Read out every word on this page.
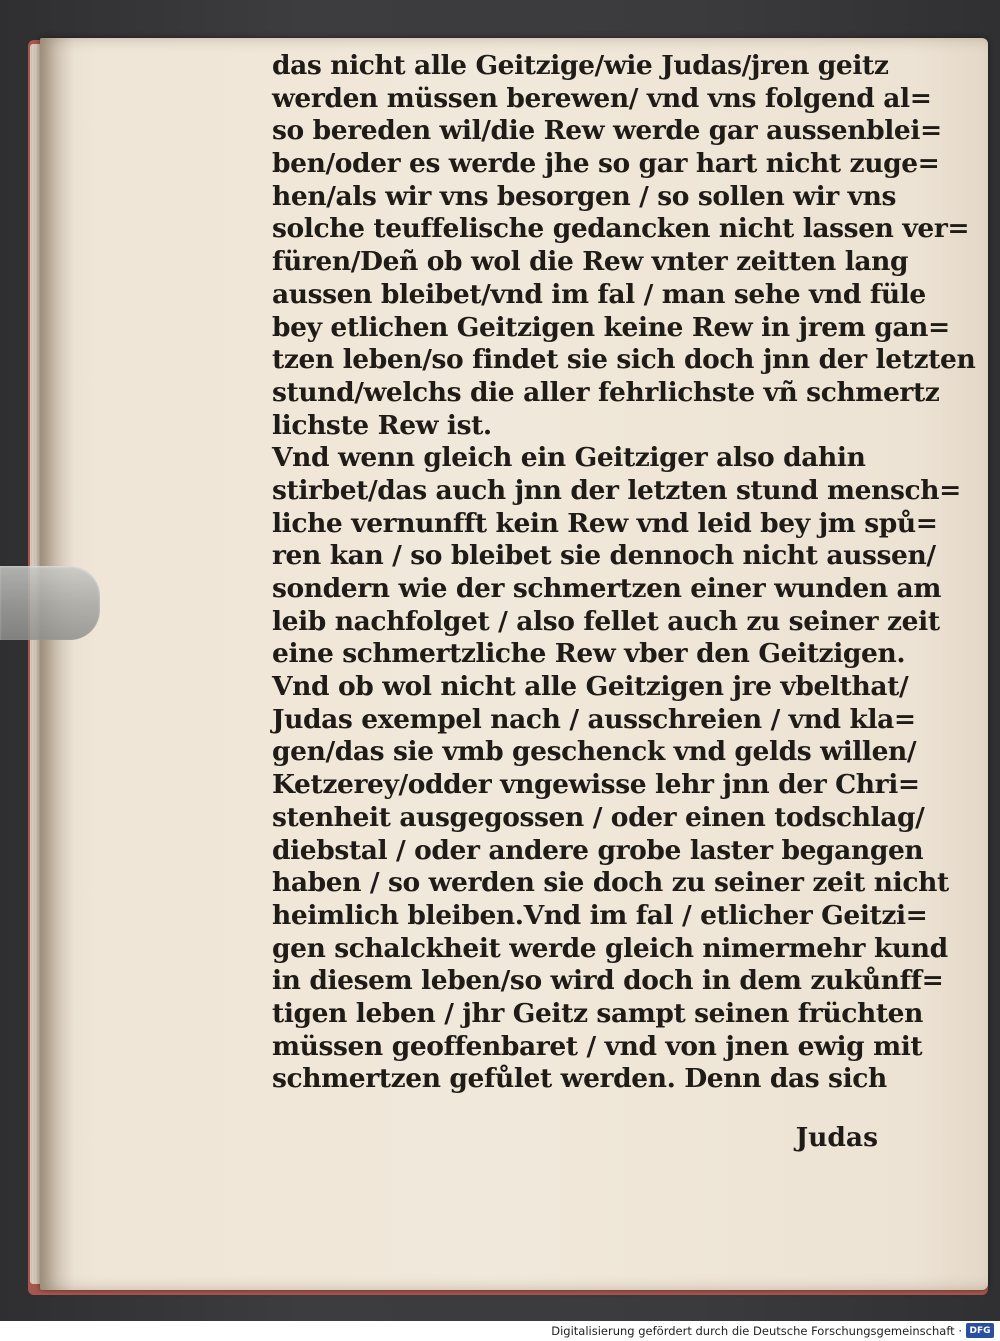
das nicht alle Geitzige/wie Judas/jren geitz
werden müssen berewen/ vnd vns folgend al=
so bereden wil/die Rew werde gar aussenblei=
ben/oder es werde jhe so gar hart nicht zuge=
hen/als wir vns besorgen / so sollen wir vns
solche teuffelische gedancken nicht lassen ver=
füren/Deñ ob wol die Rew vnter zeitten lang
aussen bleibet/vnd im fal / man sehe vnd füle
bey etlichen Geitzigen keine Rew in jrem gan=
tzen leben/so findet sie sich doch jnn der letzten
stund/welchs die aller fehrlichste vñ schmertz
lichste Rew ist.
Vnd wenn gleich ein Geitziger also dahin
stirbet/das auch jnn der letzten stund mensch=
liche vernunfft kein Rew vnd leid bey jm spů=
ren kan / so bleibet sie dennoch nicht aussen/
sondern wie der schmertzen einer wunden am
leib nachfolget / also fellet auch zu seiner zeit
eine schmertzliche Rew vber den Geitzigen.
Vnd ob wol nicht alle Geitzigen jre vbelthat/
Judas exempel nach / ausschreien / vnd kla=
gen/das sie vmb geschenck vnd gelds willen/
Ketzerey/odder vngewisse lehr jnn der Chri=
stenheit ausgegossen / oder einen todschlag/
diebstal / oder andere grobe laster begangen
haben / so werden sie doch zu seiner zeit nicht
heimlich bleiben.Vnd im fal / etlicher Geitzi=
gen schalckheit werde gleich nimermehr kund
in diesem leben/so wird doch in dem zukůnff=
tigen leben / jhr Geitz sampt seinen früchten
müssen geoffenbaret / vnd von jnen ewig mit
schmertzen gefůlet werden. Denn das sich
Judas
Digitalisierung gefördert durch die Deutsche Forschungsgemeinschaft · DFG
